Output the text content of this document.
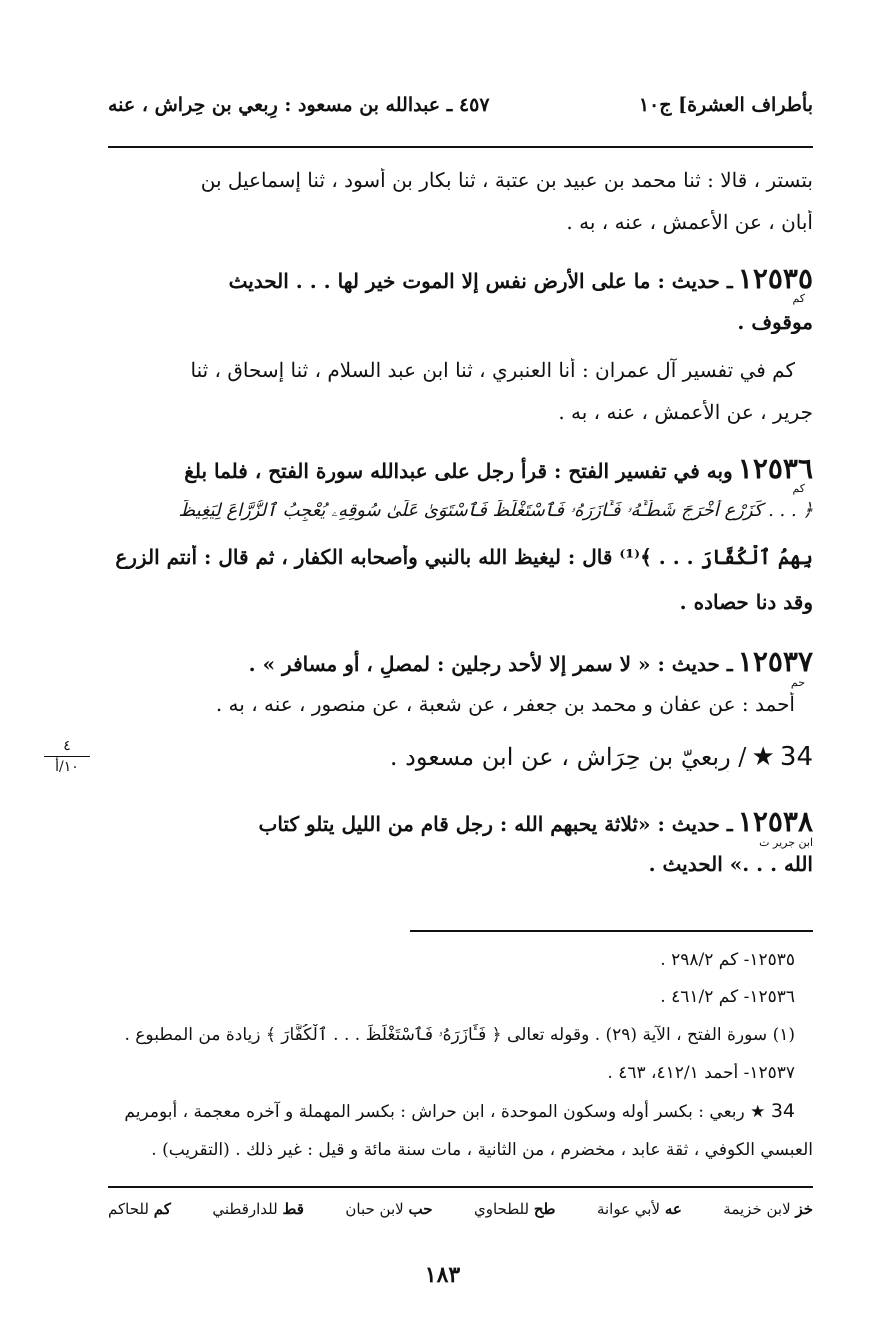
بأطراف العشرة] ج١٠
٤٥٧ ـ عبدالله بن مسعود : رِبعي بن حِراش ، عنه
بتستر ، قالا : ثنا محمد بن عبيد بن عتبة ، ثنا بكار بن أسود ، ثنا إسماعيل بن
أبان ، عن الأعمش ، عنه ، به .
١٢٥٣٥ ـ حديث : ما على الأرض نفس إلا الموت خير لها . . . الحديث
كم
موقوف .
كم في تفسير آل عمران : أنا العنبري ، ثنا ابن عبد السلام ، ثنا إسحاق ، ثنا
جرير ، عن الأعمش ، عنه ، به .
١٢٥٣٦ وبه في تفسير الفتح : قرأ رجل على عبدالله سورة الفتح ، فلما بلغ
كم
﴿ . . . كَزَرْعٍ أَخْرَجَ شَطْـَٔهُۥ فَـَٔازَرَهُۥ فَٱسْتَغْلَظَ فَٱسْتَوَىٰ عَلَىٰ سُوقِهِۦ يُعْجِبُ ٱلزُّرَّاعَ لِيَغِيظَ
بِهِمُ ٱلْكُفَّارَ . . . ﴾⁽¹⁾ قال : ليغيظ الله بالنبي وأصحابه الكفار ، ثم قال : أنتم الزرع
وقد دنا حصاده .
١٢٥٣٧ ـ حديث : « لا سمر إلا لأحد رجلين : لمصلٍ ، أو مسافر » .
حم
أحمد : عن عفان و محمد بن جعفر ، عن شعبة ، عن منصور ، عنه ، به .
34 ★ / رِبعيّ بن حِرَاش ، عن ابن مسعود .
٤
١٠/أ
١٢٥٣٨ ـ حديث : «ثلاثة يحبهم الله : رجل قام من الليل يتلو كتاب
ابن جرير ت
الله . . .» الحديث .
١٢٥٣٥- كم ٢٩٨/٢ .
١٢٥٣٦- كم ٤٦١/٢ .
(١) سورة الفتح ، الآية (٢٩) . وقوله تعالى ﴿ فَـَٔازَرَهُۥ فَٱسْتَغْلَظَ . . . ٱلْكُفَّارَ ﴾ زيادة من المطبوع .
١٢٥٣٧- أحمد ٤١٢/١، ٤٦٣ .
34 ★ ربعي : بكسر أوله وسكون الموحدة ، ابن حراش : بكسر المهملة و آخره معجمة ، أبومريم
العبسي الكوفي ، ثقة عابد ، مخضرم ، من الثانية ، مات سنة مائة و قيل : غير ذلك . (التقريب) .
خز لابن خزيمة
عه لأبي عوانة
طح للطحاوي
حب لابن حبان
قط للدارقطني
كم للحاكم
١٨٣
